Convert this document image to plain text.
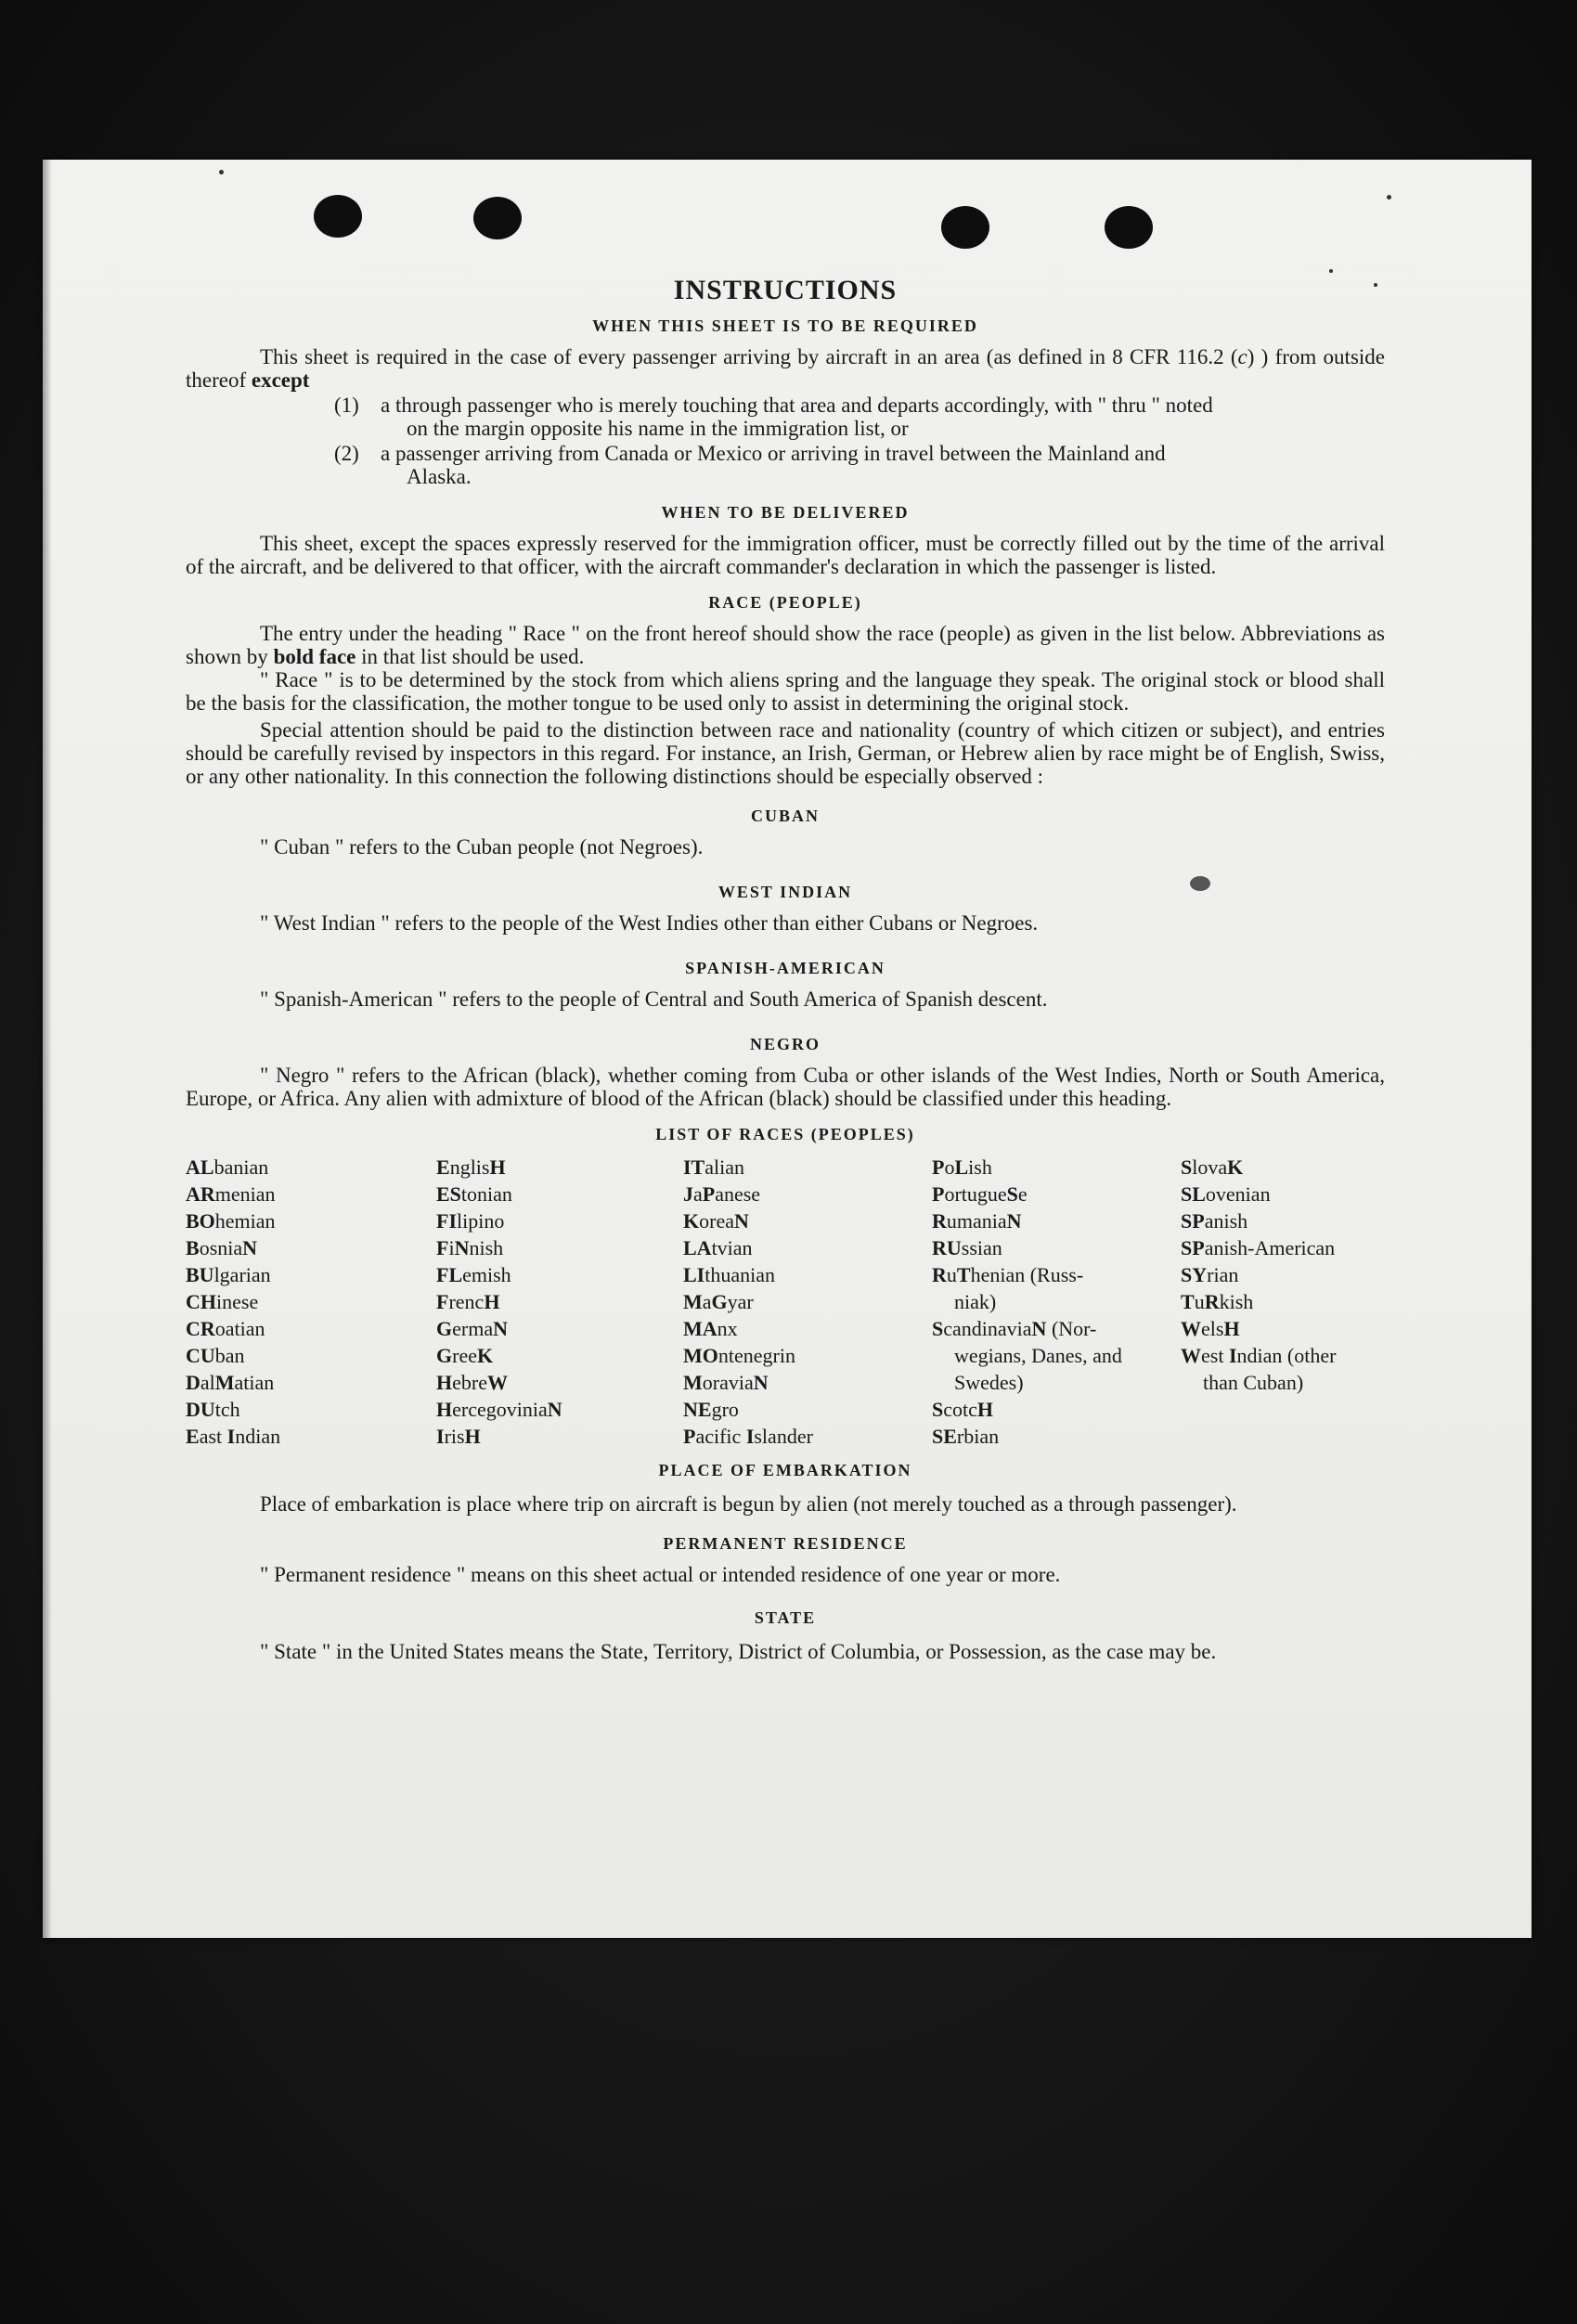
INSTRUCTIONS
WHEN THIS SHEET IS TO BE REQUIRED

This sheet is required in the case of every passenger arriving by aircraft in an area (as defined in 8 CFR 116.2 (c) ) from outside thereof except

(1)	a through passenger who is merely touching that area and departs accordingly, with " thru " noted
on the margin opposite his name in the immigration list, or
(2)	a passenger arriving from Canada or Mexico or arriving in travel between the Mainland and
Alaska.
WHEN TO BE DELIVERED

This sheet, except the spaces expressly reserved for the immigration officer, must be correctly filled out by the time of the arrival of the aircraft, and be delivered to that officer, with the aircraft commander's declaration in which the passenger is listed.

RACE (PEOPLE)

The entry under the heading " Race " on the front hereof should show the race (people) as given in the list below. Abbreviations as shown by bold face in that list should be used.

" Race " is to be determined by the stock from which aliens spring and the language they speak. The original stock or blood shall be the basis for the classification, the mother tongue to be used only to assist in determining the original stock.

Special attention should be paid to the distinction between race and nationality (country of which citizen or subject), and entries should be carefully revised by inspectors in this regard. For instance, an Irish, German, or Hebrew alien by race might be of English, Swiss, or any other nationality. In this connection the following distinctions should be especially observed :

CUBAN

" Cuban " refers to the Cuban people (not Negroes).

WEST INDIAN

" West Indian " refers to the people of the West Indies other than either Cubans or Negroes.

SPANISH-AMERICAN

" Spanish-American " refers to the people of Central and South America of Spanish descent.

NEGRO

" Negro " refers to the African (black), whether coming from Cuba or other islands of the West Indies, North or South America, Europe, or Africa. Any alien with admixture of blood of the African (black) should be classified under this heading.

LIST OF RACES (PEOPLES)
ALbanian
ARmenian
BOhemian
BosniaN
BUlgarian
CHinese
CRoatian
CUban
DalMatian
DUtch
East Indian
EnglisH
EStonian
FIlipino
FiNnish
FLemish
FrencH
GermaN
GreeK
HebreW
HercegoviniaN
IrisH
ITalian
JaPanese
KoreaN
LAtvian
LIthuanian
MaGyar
MAnx
MOntenegrin
MoraviaN
NEgro
Pacific Islander
PoLish
PortugueSe
RumaniaN
RUssian
RuThenian (Russ-
niak)
ScandinaviaN (Nor-
wegians, Danes, and Swedes)
ScotcH
SErbian
SlovaK
SLovenian
SPanish
SPanish-American
SYrian
TuRkish
WelsH
West Indian (other
than Cuban)
PLACE OF EMBARKATION

Place of embarkation is place where trip on aircraft is begun by alien (not merely touched as a through passenger).

PERMANENT RESIDENCE

" Permanent residence " means on this sheet actual or intended residence of one year or more.

STATE

" State " in the United States means the State, Territory, District of Columbia, or Possession, as the case may be.
